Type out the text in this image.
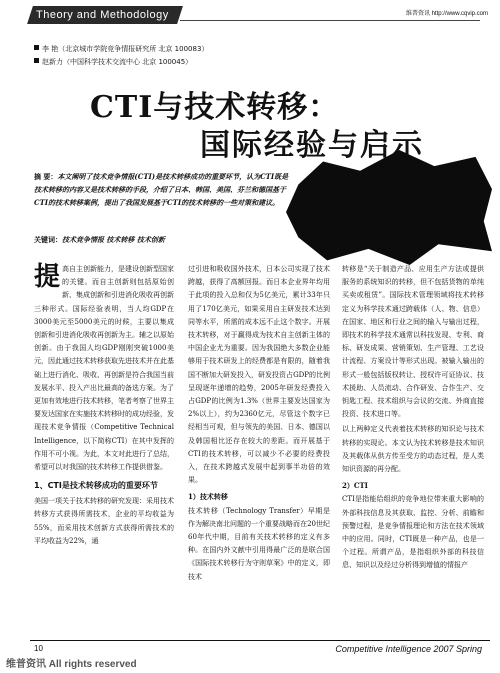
Theory and Methodology	维普资讯 http://www.cqvip.com
李 艳（北京城市学院竞争情报研究所 北京 100083）
赵新力（中国科学技术交流中心 北京 100045）
CTI与技术转移：
国际经验与启示
摘 要：本文阐明了技术竞争情报(CTI)是技术转移成功的重要环节，认为CTI既是技术转移的内容又是技术转移的手段，介绍了日本、韩国、美国、芬兰和德国基于CTI的技术转移案例，提出了我国发展基于CTI的技术转移的一些对策和建议。
关键词：技术竞争情报 技术转移 技术创新

提高自主创新能力，是建设创新型国家的关键。而自主创新则包括原始创新、集成创新和引进消化吸收再创新三种形式。国际经验表明，当人均GDP在3000美元至5000美元的时候，主要以集成创新和引进消化吸收再创新为主。辅之以原始创新。由于我国人均GDP刚刚突破1000美元，因此通过技术转移获取先进技术并在此基础上进行消化、吸收、再创新是符合我国当前发展水平、投入产出比最高的备选方案。为了更加有效地进行技术转移，笔者考察了世界主要发达国家在实施技术转移时的成功经验，发现技术竞争情报（Competitive Technical Intelligence，以下简称CTI）在其中发挥的作用不可小视。为此，本文对此进行了总结，希望可以对我国的技术转移工作提供借鉴。

1、CTI是技术转移成功的重要环节

美国一项关于技术转移的研究发现：采用技术转移方式获得所需技术，企业的平均收益为55%，而采用技术创新方式获得所需技术的平均收益为22%，通

过引进和吸收国外技术，日本公司实现了技术跨越，获得了高额回报。而日本企业界年均用于此项的投入总和仅为5亿美元，累计33年只用了170亿美元，如果采用自主研发技术达到同等水平，所需的成本远不止这个数字。开展技术转移，对于赢得成为技术自主创新主体的中国企业尤为重要。因为我国绝大多数企业能够用于技术研发上的经费都是有限的，随着我国不断加大研发投入，研发投资占GDP的比例呈现逐年递增的趋势，2005年研发经费投入占GDP的比例为1.3%（世界主要发达国家为2%以上），约为2360亿元，尽管这个数字已经相当可观，但与领先的美国、日本、德国以及韩国相比还存在较大的差距。而开展基于CTI的技术转移，可以减少不必要的经费投入，在技术跨越式发展中起到事半功倍的效果。

1）技术转移

技术转移（Technology Transfer）早期是作为解决南北问题的一个重要战略而在20世纪60年代中期，目前有关技术转移的定义有多种。在国内外文献中引用得最广泛的是联合国《国际技术转移行为守则草案》中的定义，即技术

转移是“关于制造产品、应用生产方法或提供服务的系统知识的转移，但不包括货物的单纯买卖或租赁”。国际技术管理领域将技术转移定义为科学技术通过跨载体（人、物、信息）在国家、地区和行业之间的输入与输出过程，即技术的科学技术通常以科技发现、专利、商标、研发成果、营销策划、生产管理、工艺设计流程、方案设计等形式出现。被输入输出的形式一般包括版权转让、授权许可证协议、技术援助、人员流动、合作研发、合作生产、交钥匙工程、技术组织与会议的交流、外商直接投资、技术进口等。

以上两种定义代表着技术转移的知识论与技术转移的实现论。本文认为技术转移是技术知识及其载体从供方传至受方的动态过程，是人类知识资源的再分配。

2）CTI

CTI是指能给组织的竞争地位带来重大影响的外部科技信息及其获取、监控、分析、前瞻和预警过程，是竞争情报理论和方法在技术领域中的应用。同时，CTI既是一种产品，也是一个过程。所谓产品，是指组织外部的科技信息、知识以及经过分析得到增值的情报产

10	Competitive Intelligence 2007 Spring
维普资讯 All rights reserved
